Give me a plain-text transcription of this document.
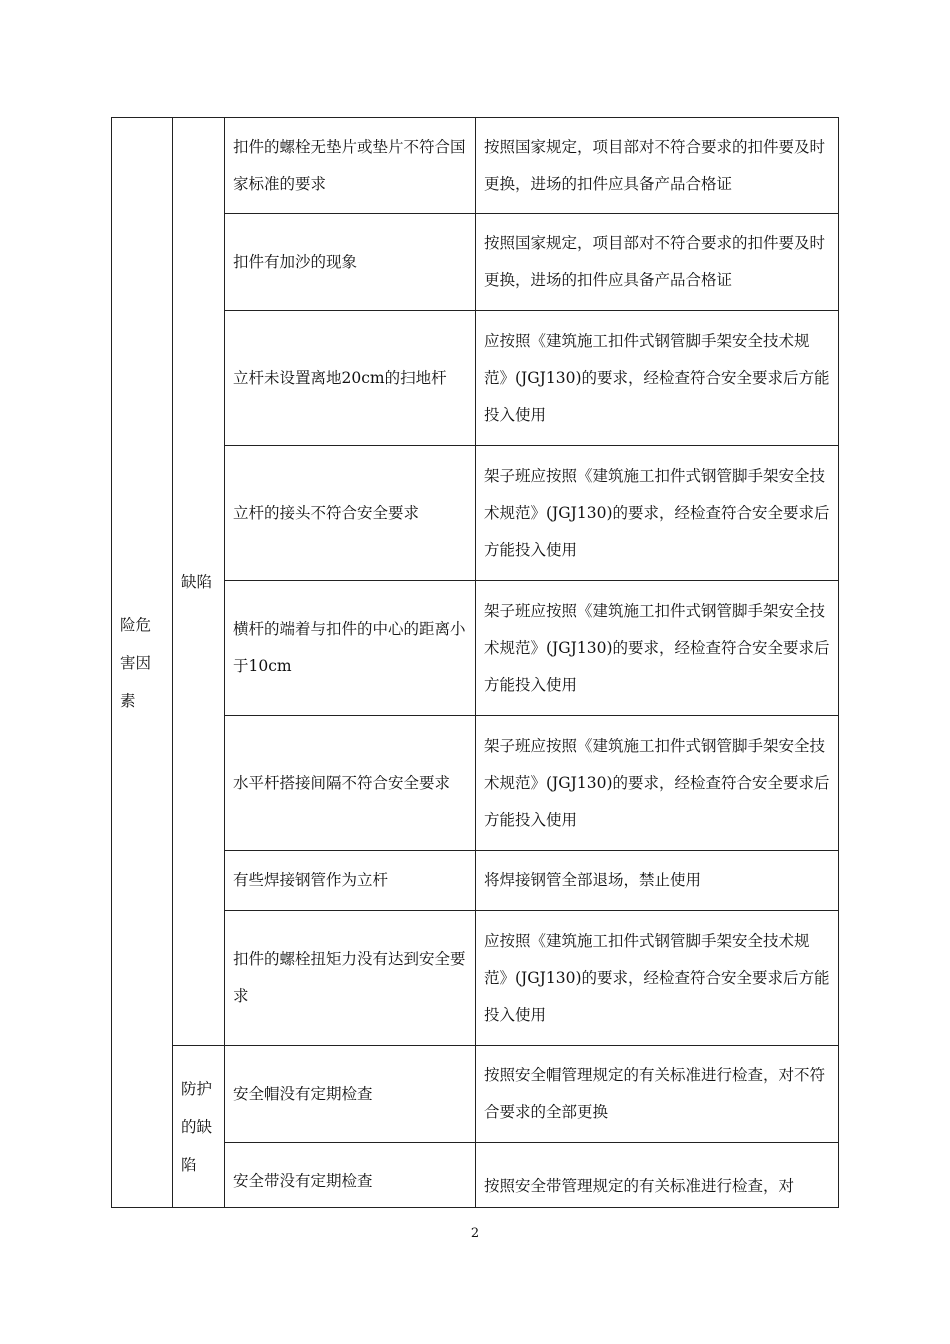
险危害因素	缺陷	扣件的螺栓无垫片或垫片不符合国家标准的要求	按照国家规定，项目部对不符合要求的扣件要及时更换，进场的扣件应具备产品合格证
		扣件有加沙的现象	按照国家规定，项目部对不符合要求的扣件要及时更换，进场的扣件应具备产品合格证
		立杆未设置离地20cm的扫地杆	应按照《建筑施工扣件式钢管脚手架安全技术规范》(JGJ130)的要求，经检查符合安全要求后方能投入使用
		立杆的接头不符合安全要求	架子班应按照《建筑施工扣件式钢管脚手架安全技术规范》(JGJ130)的要求，经检查符合安全要求后方能投入使用
		横杆的端着与扣件的中心的距离小于10cm	架子班应按照《建筑施工扣件式钢管脚手架安全技术规范》(JGJ130)的要求，经检查符合安全要求后方能投入使用
		水平杆搭接间隔不符合安全要求	架子班应按照《建筑施工扣件式钢管脚手架安全技术规范》(JGJ130)的要求，经检查符合安全要求后方能投入使用
		有些焊接钢管作为立杆	将焊接钢管全部退场，禁止使用
		扣件的螺栓扭矩力没有达到安全要求	应按照《建筑施工扣件式钢管脚手架安全技术规范》(JGJ130)的要求，经检查符合安全要求后方能投入使用
	防护的缺陷	安全帽没有定期检查	按照安全帽管理规定的有关标准进行检查，对不符合要求的全部更换
		安全带没有定期检查	按照安全带管理规定的有关标准进行检查，对
2
